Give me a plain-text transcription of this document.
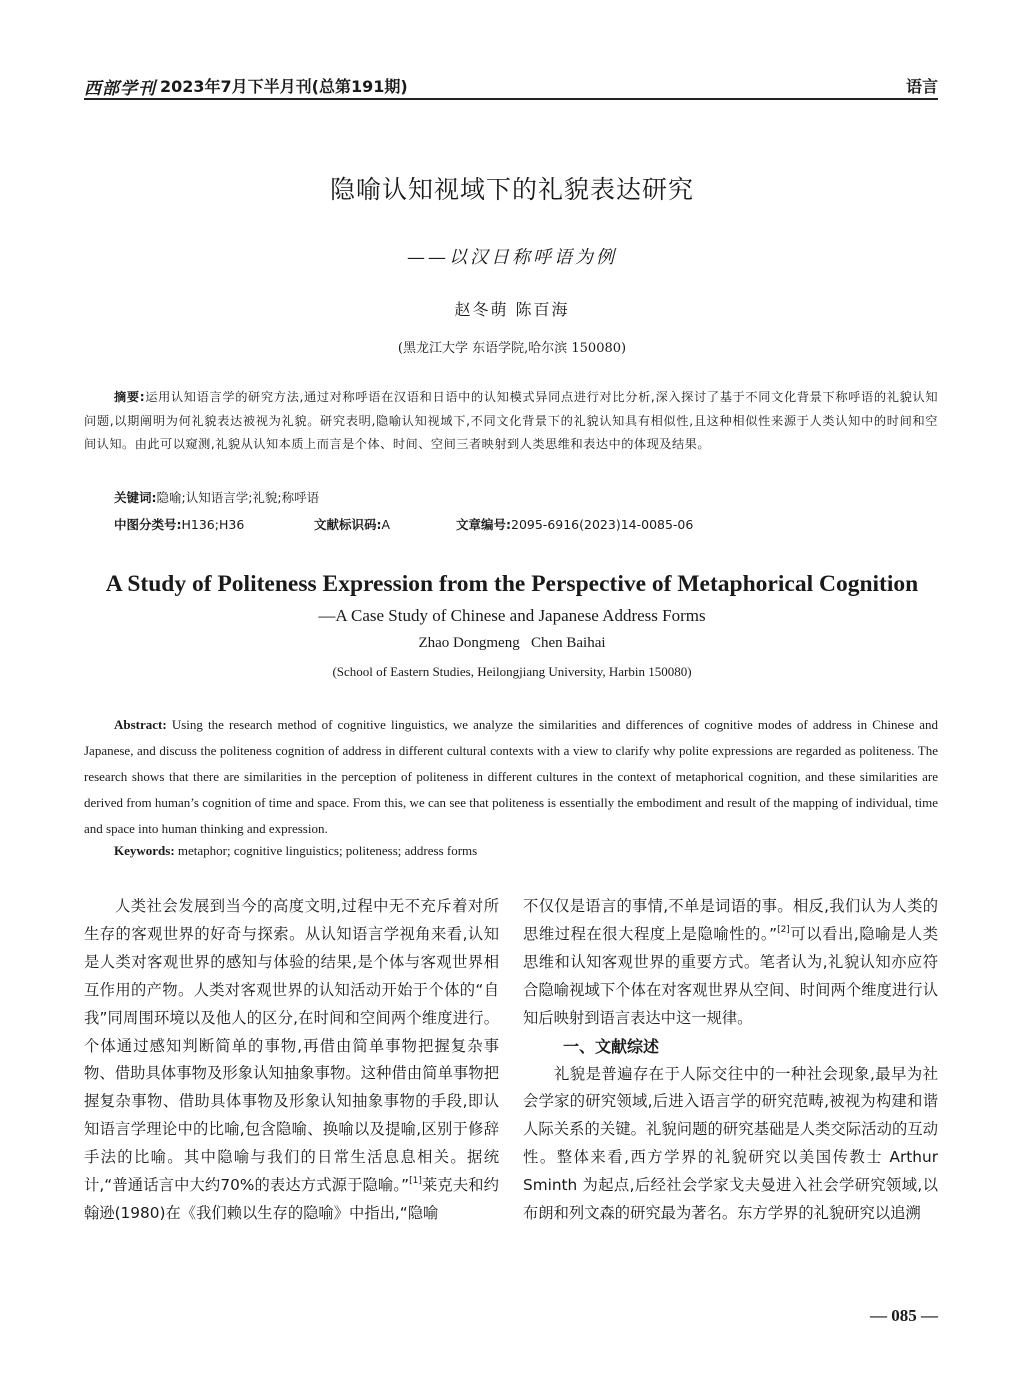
西部学刊 2023年7月下半月刊(总第191期)	语言
隐喻认知视域下的礼貌表达研究
——以汉日称呼语为例
赵冬萌 陈百海
(黑龙江大学 东语学院,哈尔滨 150080)
摘要:运用认知语言学的研究方法,通过对称呼语在汉语和日语中的认知模式异同点进行对比分析,深入探讨了基于不同文化背景下称呼语的礼貌认知问题,以期阐明为何礼貌表达被视为礼貌。研究表明,隐喻认知视域下,不同文化背景下的礼貌认知具有相似性,且这种相似性来源于人类认知中的时间和空间认知。由此可以窥测,礼貌从认知本质上而言是个体、时间、空间三者映射到人类思维和表达中的体现及结果。
关键词:隐喻;认知语言学;礼貌;称呼语
中图分类号:H136;H36	文献标识码:A	文章编号:2095-6916(2023)14-0085-06
A Study of Politeness Expression from the Perspective of Metaphorical Cognition
—A Case Study of Chinese and Japanese Address Forms
Zhao Dongmeng   Chen Baihai
(School of Eastern Studies, Heilongjiang University, Harbin 150080)
Abstract: Using the research method of cognitive linguistics, we analyze the similarities and differences of cognitive modes of address in Chinese and Japanese, and discuss the politeness cognition of address in different cultural contexts with a view to clarify why polite expressions are regarded as politeness. The research shows that there are similarities in the perception of politeness in different cultures in the context of metaphorical cognition, and these similarities are derived from human’s cognition of time and space. From this, we can see that politeness is essentially the embodiment and result of the mapping of individual, time and space into human thinking and expression.
Keywords: metaphor; cognitive linguistics; politeness; address forms

人类社会发展到当今的高度文明,过程中无不充斥着对所生存的客观世界的好奇与探索。从认知语言学视角来看,认知是人类对客观世界的感知与体验的结果,是个体与客观世界相互作用的产物。人类对客观世界的认知活动开始于个体的“自我”同周围环境以及他人的区分,在时间和空间两个维度进行。个体通过感知判断简单的事物,再借由简单事物把握复杂事物、借助具体事物及形象认知抽象事物。这种借由简单事物把握复杂事物、借助具体事物及形象认知抽象事物的手段,即认知语言学理论中的比喻,包含隐喻、换喻以及提喻,区别于修辞手法的比喻。其中隐喻与我们的日常生活息息相关。据统计,“普通话言中大约70%的表达方式源于隐喻。”[1]莱克夫和约翰逊(1980)在《我们赖以生存的隐喻》中指出,“隐喻

不仅仅是语言的事情,不单是词语的事。相反,我们认为人类的思维过程在很大程度上是隐喻性的。”[2]可以看出,隐喻是人类思维和认知客观世界的重要方式。笔者认为,礼貌认知亦应符合隐喻视域下个体在对客观世界从空间、时间两个维度进行认知后映射到语言表达中这一规律。

一、文献综述

礼貌是普遍存在于人际交往中的一种社会现象,最早为社会学家的研究领域,后进入语言学的研究范畴,被视为构建和谐人际关系的关键。礼貌问题的研究基础是人类交际活动的互动性。整体来看,西方学界的礼貌研究以美国传教士 Arthur Sminth 为起点,后经社会学家戈夫曼进入社会学研究领域,以布朗和列文森的研究最为著名。东方学界的礼貌研究以追溯

— 085 —
